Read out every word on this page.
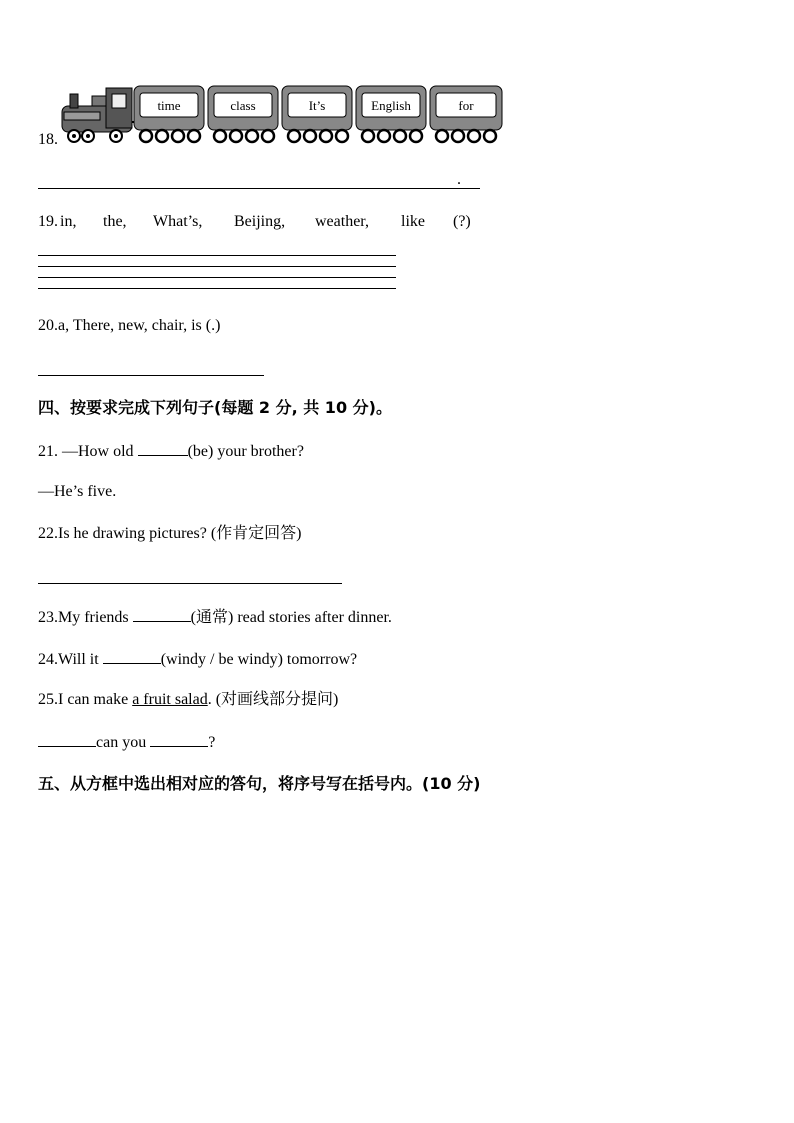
time	class	It’s	English	for
18.
.
19. in, the, What’s, Beijing, weather, like (?)
20.a, There, new, chair, is (.)
四、按要求完成下列句子(每题 2 分, 共 10 分)。
21. —How old	(be) your brother?
—He’s five.
22.Is he drawing pictures? (作肯定回答)
23.My friends	(通常) read stories after dinner.
24.Will it	(windy / be windy) tomorrow?
25.I can make a fruit salad. (对画线部分提问)
can you	?
五、从方框中选出相对应的答句，将序号写在括号内。(10 分)
